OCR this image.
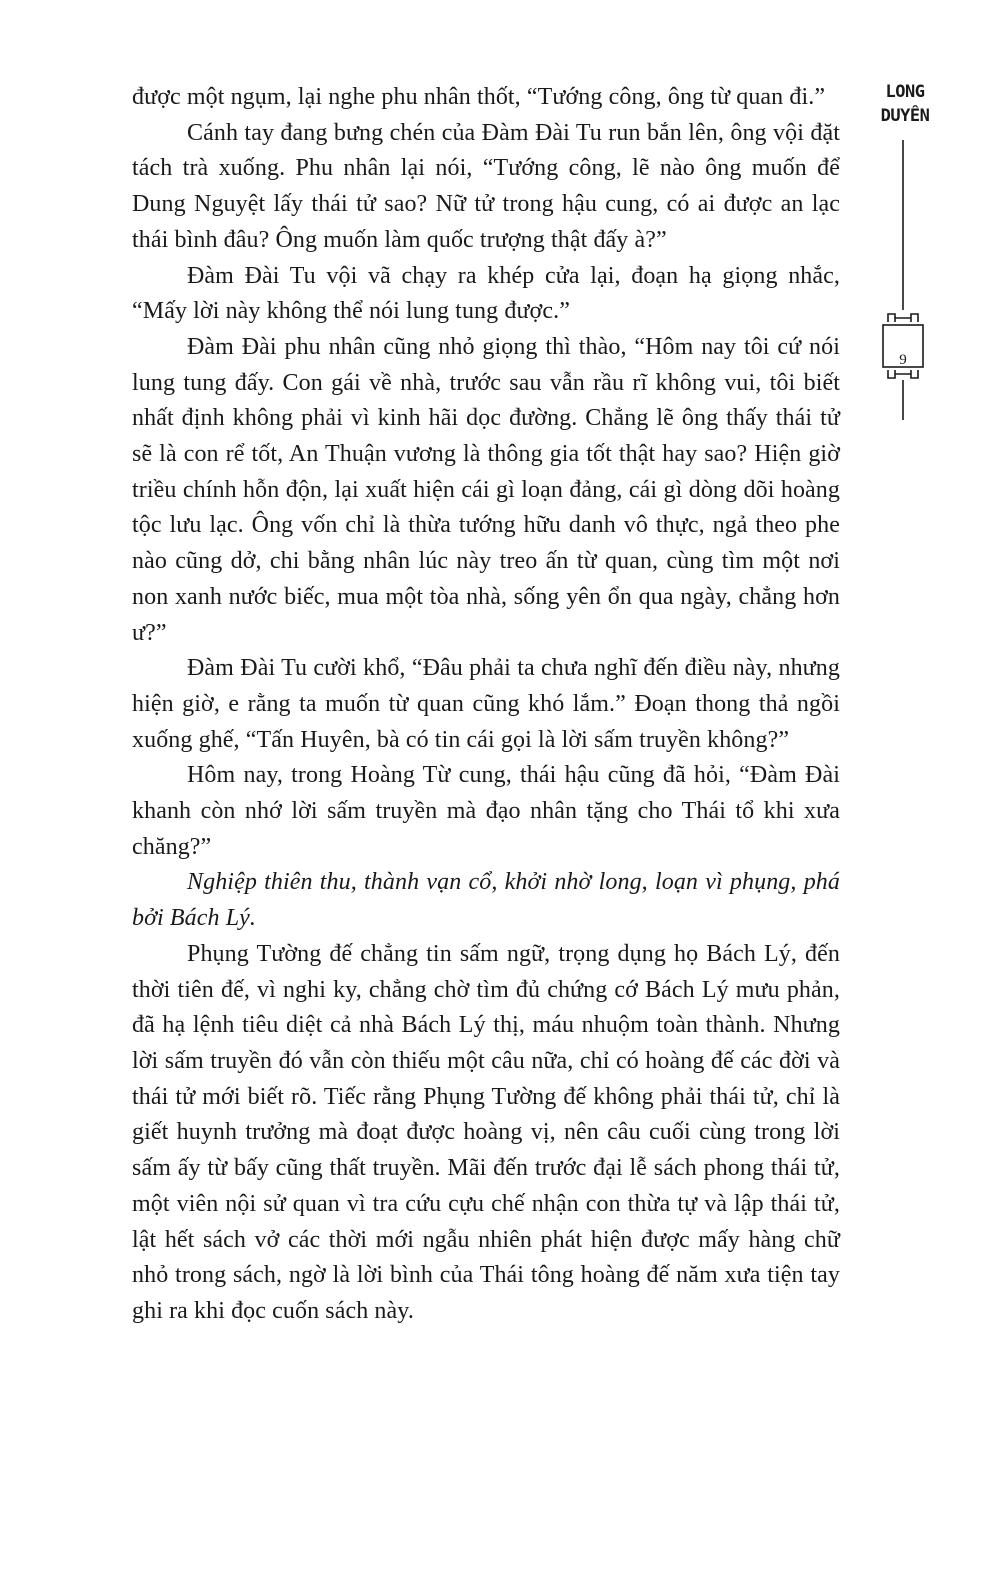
được một ngụm, lại nghe phu nhân thốt, “Tướng công, ông từ quan đi.”

Cánh tay đang bưng chén của Đàm Đài Tu run bắn lên, ông vội đặt tách trà xuống. Phu nhân lại nói, “Tướng công, lẽ nào ông muốn để Dung Nguyệt lấy thái tử sao? Nữ tử trong hậu cung, có ai được an lạc thái bình đâu? Ông muốn làm quốc trượng thật đấy à?”

Đàm Đài Tu vội vã chạy ra khép cửa lại, đoạn hạ giọng nhắc, “Mấy lời này không thể nói lung tung được.”

Đàm Đài phu nhân cũng nhỏ giọng thì thào, “Hôm nay tôi cứ nói lung tung đấy. Con gái về nhà, trước sau vẫn rầu rĩ không vui, tôi biết nhất định không phải vì kinh hãi dọc đường. Chẳng lẽ ông thấy thái tử sẽ là con rể tốt, An Thuận vương là thông gia tốt thật hay sao? Hiện giờ triều chính hỗn độn, lại xuất hiện cái gì loạn đảng, cái gì dòng dõi hoàng tộc lưu lạc. Ông vốn chỉ là thừa tướng hữu danh vô thực, ngả theo phe nào cũng dở, chi bằng nhân lúc này treo ấn từ quan, cùng tìm một nơi non xanh nước biếc, mua một tòa nhà, sống yên ổn qua ngày, chẳng hơn ư?”

Đàm Đài Tu cười khổ, “Đâu phải ta chưa nghĩ đến điều này, nhưng hiện giờ, e rằng ta muốn từ quan cũng khó lắm.” Đoạn thong thả ngồi xuống ghế, “Tấn Huyên, bà có tin cái gọi là lời sấm truyền không?”

Hôm nay, trong Hoàng Từ cung, thái hậu cũng đã hỏi, “Đàm Đài khanh còn nhớ lời sấm truyền mà đạo nhân tặng cho Thái tổ khi xưa chăng?”

Nghiệp thiên thu, thành vạn cổ, khởi nhờ long, loạn vì phụng, phá bởi Bách Lý.

Phụng Tường đế chẳng tin sấm ngữ, trọng dụng họ Bách Lý, đến thời tiên đế, vì nghi ky, chẳng chờ tìm đủ chứng cớ Bách Lý mưu phản, đã hạ lệnh tiêu diệt cả nhà Bách Lý thị, máu nhuộm toàn thành. Nhưng lời sấm truyền đó vẫn còn thiếu một câu nữa, chỉ có hoàng đế các đời và thái tử mới biết rõ. Tiếc rằng Phụng Tường đế không phải thái tử, chỉ là giết huynh trưởng mà đoạt được hoàng vị, nên câu cuối cùng trong lời sấm ấy từ bấy cũng thất truyền. Mãi đến trước đại lễ sách phong thái tử, một viên nội sử quan vì tra cứu cựu chế nhận con thừa tự và lập thái tử, lật hết sách vở các thời mới ngẫu nhiên phát hiện được mấy hàng chữ nhỏ trong sách, ngờ là lời bình của Thái tông hoàng đế năm xưa tiện tay ghi ra khi đọc cuốn sách này.

LONG
DUYÊN
9
